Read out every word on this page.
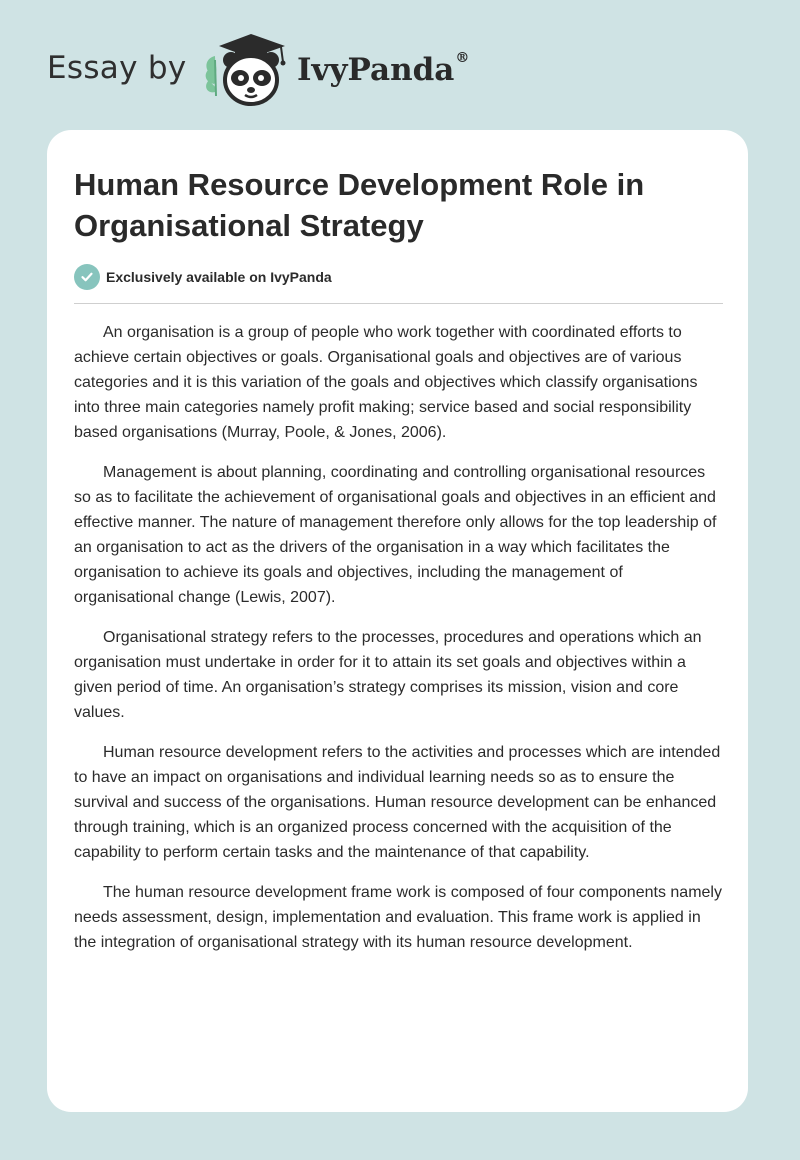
Essay by	IvyPanda®
Human Resource Development Role in Organisational Strategy
Exclusively available on IvyPanda

An organisation is a group of people who work together with coordinated efforts to achieve certain objectives or goals. Organisational goals and objectives are of various categories and it is this variation of the goals and objectives which classify organisations into three main categories namely profit making; service based and social responsibility based organisations (Murray, Poole, & Jones, 2006).

Management is about planning, coordinating and controlling organisational resources so as to facilitate the achievement of organisational goals and objectives in an efficient and effective manner. The nature of management therefore only allows for the top leadership of an organisation to act as the drivers of the organisation in a way which facilitates the organisation to achieve its goals and objectives, including the management of organisational change (Lewis, 2007).

Organisational strategy refers to the processes, procedures and operations which an organisation must undertake in order for it to attain its set goals and objectives within a given period of time. An organisation’s strategy comprises its mission, vision and core values.

Human resource development refers to the activities and processes which are intended to have an impact on organisations and individual learning needs so as to ensure the survival and success of the organisations. Human resource development can be enhanced through training, which is an organized process concerned with the acquisition of the capability to perform certain tasks and the maintenance of that capability.

The human resource development frame work is composed of four components namely needs assessment, design, implementation and evaluation. This frame work is applied in the integration of organisational strategy with its human resource development.
